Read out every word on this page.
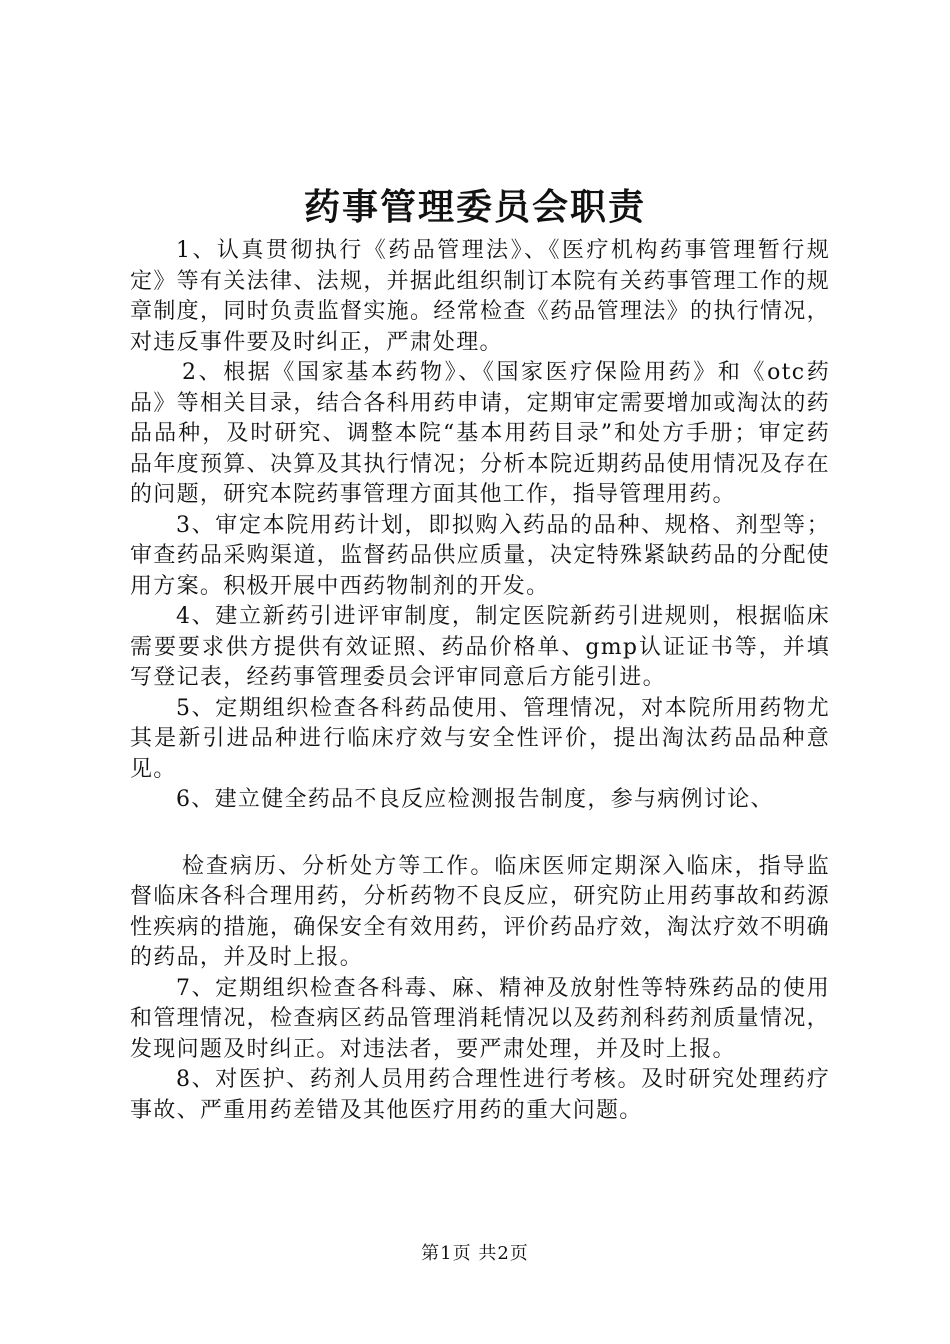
药事管理委员会职责

1、认真贯彻执行《药品管理法》、《医疗机构药事管理暂行规定》等有关法律、法规，并据此组织制订本院有关药事管理工作的规章制度，同时负责监督实施。经常检查《药品管理法》的执行情况，对违反事件要及时纠正，严肃处理。

2、根据《国家基本药物》、《国家医疗保险用药》和《otc药品》等相关目录，结合各科用药申请，定期审定需要增加或淘汰的药品品种，及时研究、调整本院“基本用药目录”和处方手册；审定药品年度预算、决算及其执行情况；分析本院近期药品使用情况及存在的问题，研究本院药事管理方面其他工作，指导管理用药。

3、审定本院用药计划，即拟购入药品的品种、规格、剂型等；审查药品采购渠道，监督药品供应质量，决定特殊紧缺药品的分配使用方案。积极开展中西药物制剂的开发。

4、建立新药引进评审制度，制定医院新药引进规则，根据临床需要要求供方提供有效证照、药品价格单、gmp认证证书等，并填写登记表，经药事管理委员会评审同意后方能引进。

5、定期组织检查各科药品使用、管理情况，对本院所用药物尤其是新引进品种进行临床疗效与安全性评价，提出淘汰药品品种意见。

6、建立健全药品不良反应检测报告制度，参与病例讨论、

检查病历、分析处方等工作。临床医师定期深入临床，指导监督临床各科合理用药，分析药物不良反应，研究防止用药事故和药源性疾病的措施，确保安全有效用药，评价药品疗效，淘汰疗效不明确的药品，并及时上报。

7、定期组织检查各科毒、麻、精神及放射性等特殊药品的使用和管理情况，检查病区药品管理消耗情况以及药剂科药剂质量情况，发现问题及时纠正。对违法者，要严肃处理，并及时上报。

8、对医护、药剂人员用药合理性进行考核。及时研究处理药疗事故、严重用药差错及其他医疗用药的重大问题。

第1页 共2页
